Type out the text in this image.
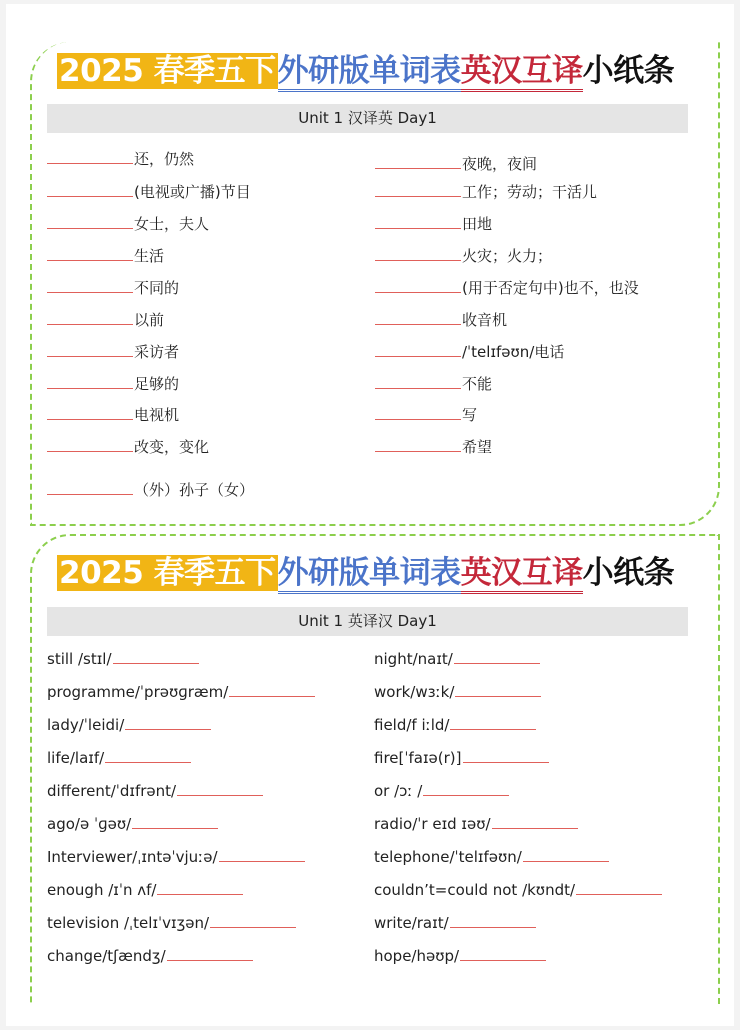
2025 春季五下外研版单词表英汉互译小纸条
Unit 1 汉译英 Day1
2025 春季五下外研版单词表英汉互译小纸条
Unit 1 英译汉 Day1
还，仍然	夜晚，夜间
(电视或广播)节目	工作；劳动；干活儿
女士，夫人	田地
生活	火灾；火力；
不同的	(用于否定句中)也不，也没
以前	收音机
采访者	/ˈtelɪfəʊn/电话
足够的	不能
电视机	写
改变，变化	希望
（外）孙子（女）
still /stɪl/	night/naɪt/
programme/ˈprəʊɡræm/	work/wɜːk/
lady/ˈleidi/	field/f iːld/
life/laɪf/	fire[ˈfaɪə(r)]
different/ˈdɪfrənt/	or /ɔː /
ago/ə ˈɡəʊ/	radio/ˈr eɪd ɪəʊ/
Interviewer/ˌɪntəˈvjuːə/	telephone/ˈtelɪfəʊn/
enough /ɪˈn ʌf/	couldn’t=could not /kʊndt/
television /ˌtelɪˈvɪʒən/	write/raɪt/
change/tʃændʒ/	hope/həʊp/
